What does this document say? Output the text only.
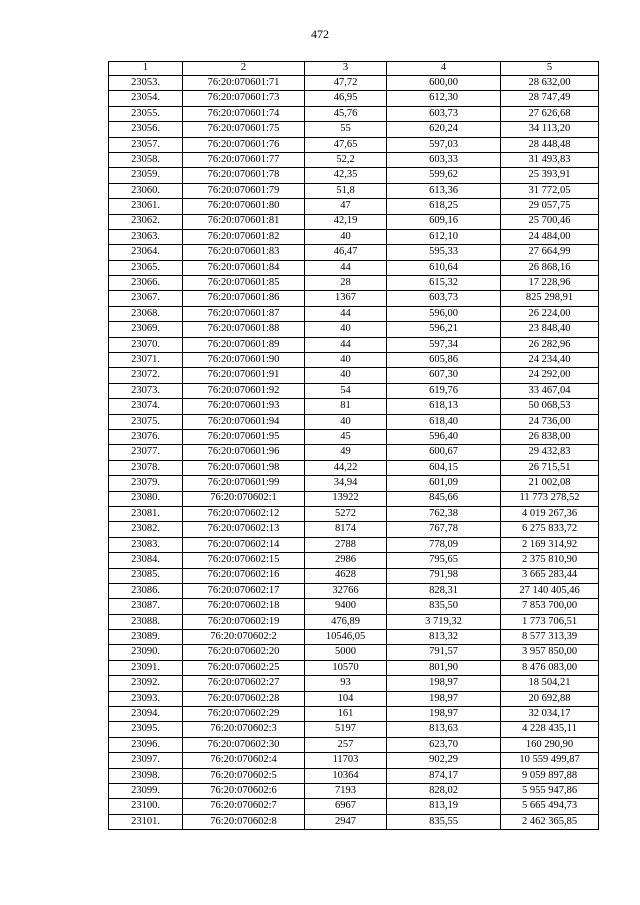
472
1	2	3	4	5
23053.	76:20:070601:71	47,72	600,00	28 632,00
23054.	76:20:070601:73	46,95	612,30	28 747,49
23055.	76:20:070601:74	45,76	603,73	27 626,68
23056.	76:20:070601:75	55	620,24	34 113,20
23057.	76:20:070601:76	47,65	597,03	28 448,48
23058.	76:20:070601:77	52,2	603,33	31 493,83
23059.	76:20:070601:78	42,35	599,62	25 393,91
23060.	76:20:070601:79	51,8	613,36	31 772,05
23061.	76:20:070601:80	47	618,25	29 057,75
23062.	76:20:070601:81	42,19	609,16	25 700,46
23063.	76:20:070601:82	40	612,10	24 484,00
23064.	76:20:070601:83	46,47	595,33	27 664,99
23065.	76:20:070601:84	44	610,64	26 868,16
23066.	76:20:070601:85	28	615,32	17 228,96
23067.	76:20:070601:86	1367	603,73	825 298,91
23068.	76:20:070601:87	44	596,00	26 224,00
23069.	76:20:070601:88	40	596,21	23 848,40
23070.	76:20:070601:89	44	597,34	26 282,96
23071.	76:20:070601:90	40	605,86	24 234,40
23072.	76:20:070601:91	40	607,30	24 292,00
23073.	76:20:070601:92	54	619,76	33 467,04
23074.	76:20:070601:93	81	618,13	50 068,53
23075.	76:20:070601:94	40	618,40	24 736,00
23076.	76:20:070601:95	45	596,40	26 838,00
23077.	76:20:070601:96	49	600,67	29 432,83
23078.	76:20:070601:98	44,22	604,15	26 715,51
23079.	76:20:070601:99	34,94	601,09	21 002,08
23080.	76:20:070602:1	13922	845,66	11 773 278,52
23081.	76:20:070602:12	5272	762,38	4 019 267,36
23082.	76:20:070602:13	8174	767,78	6 275 833,72
23083.	76:20:070602:14	2788	778,09	2 169 314,92
23084.	76:20:070602:15	2986	795,65	2 375 810,90
23085.	76:20:070602:16	4628	791,98	3 665 283,44
23086.	76:20:070602:17	32766	828,31	27 140 405,46
23087.	76:20:070602:18	9400	835,50	7 853 700,00
23088.	76:20:070602:19	476,89	3 719,32	1 773 706,51
23089.	76:20:070602:2	10546,05	813,32	8 577 313,39
23090.	76:20:070602:20	5000	791,57	3 957 850,00
23091.	76:20:070602:25	10570	801,90	8 476 083,00
23092.	76:20:070602:27	93	198,97	18 504,21
23093.	76:20:070602:28	104	198,97	20 692,88
23094.	76:20:070602:29	161	198,97	32 034,17
23095.	76:20:070602:3	5197	813,63	4 228 435,11
23096.	76:20:070602:30	257	623,70	160 290,90
23097.	76:20:070602:4	11703	902,29	10 559 499,87
23098.	76:20:070602:5	10364	874,17	9 059 897,88
23099.	76:20:070602:6	7193	828,02	5 955 947,86
23100.	76:20:070602:7	6967	813,19	5 665 494,73
23101.	76:20:070602:8	2947	835,55	2 462 365,85
